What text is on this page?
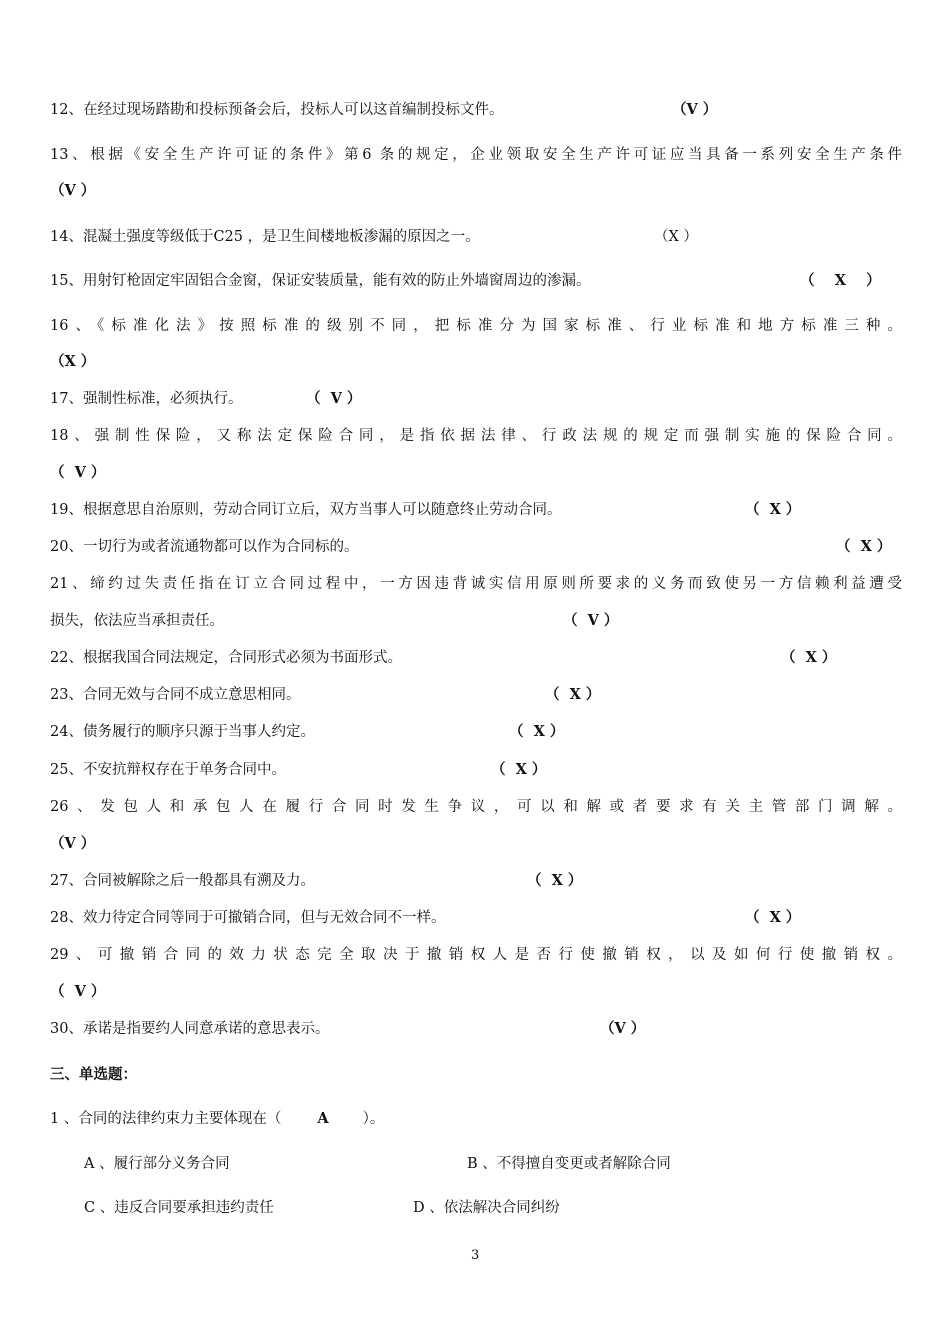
12、在经过现场踏勘和投标预备会后，投标人可以这首编制投标文件。	（V ）
13、根据《安全生产许可证的条件》第6 条的规定，企业领取安全生产许可证应当具备一系列安全生产条件
（V ）
14、混凝土强度等级低于C25 ，是卫生间楼地板渗漏的原因之一。	（X ）
15、用射钉枪固定牢固铝合金窗，保证安装质量，能有效的防止外墙窗周边的渗漏。	（    X    ）
16、《标准化法》按照标准的级别不同，把标准分为国家标准、行业标准和地方标准三种。
（X ）
17、强制性标准，必须执行。	（  V ）
18、强制性保险，又称法定保险合同，是指依据法律、行政法规的规定而强制实施的保险合同。
（  V ）
19、根据意思自治原则，劳动合同订立后，双方当事人可以随意终止劳动合同。	（  X ）
20、一切行为或者流通物都可以作为合同标的。	（  X ）
21、缔约过失责任指在订立合同过程中，一方因违背诚实信用原则所要求的义务而致使另一方信赖利益遭受
损失，依法应当承担责任。	（  V ）
22、根据我国合同法规定，合同形式必须为书面形式。	（  X ）
23、合同无效与合同不成立意思相同。	（  X ）
24、债务履行的顺序只源于当事人约定。	（  X ）
25、不安抗辩权存在于单务合同中。	（  X ）
26、发包人和承包人在履行合同时发生争议，可以和解或者要求有关主管部门调解。
（V ）
27、合同被解除之后一般都具有溯及力。	（  X ）
28、效力待定合同等同于可撤销合同，但与无效合同不一样。	（  X ）
29、可撤销合同的效力状态完全取决于撤销权人是否行使撤销权，以及如何行使撤销权。
（  V ）
30、承诺是指要约人同意承诺的意思表示。	（V ）
三、单选题：
1 、合同的法律约束力主要体现在（ A ）。
A 、履行部分义务合同	B 、不得擅自变更或者解除合同
C 、违反合同要承担违约责任	D 、依法解决合同纠纷
3
